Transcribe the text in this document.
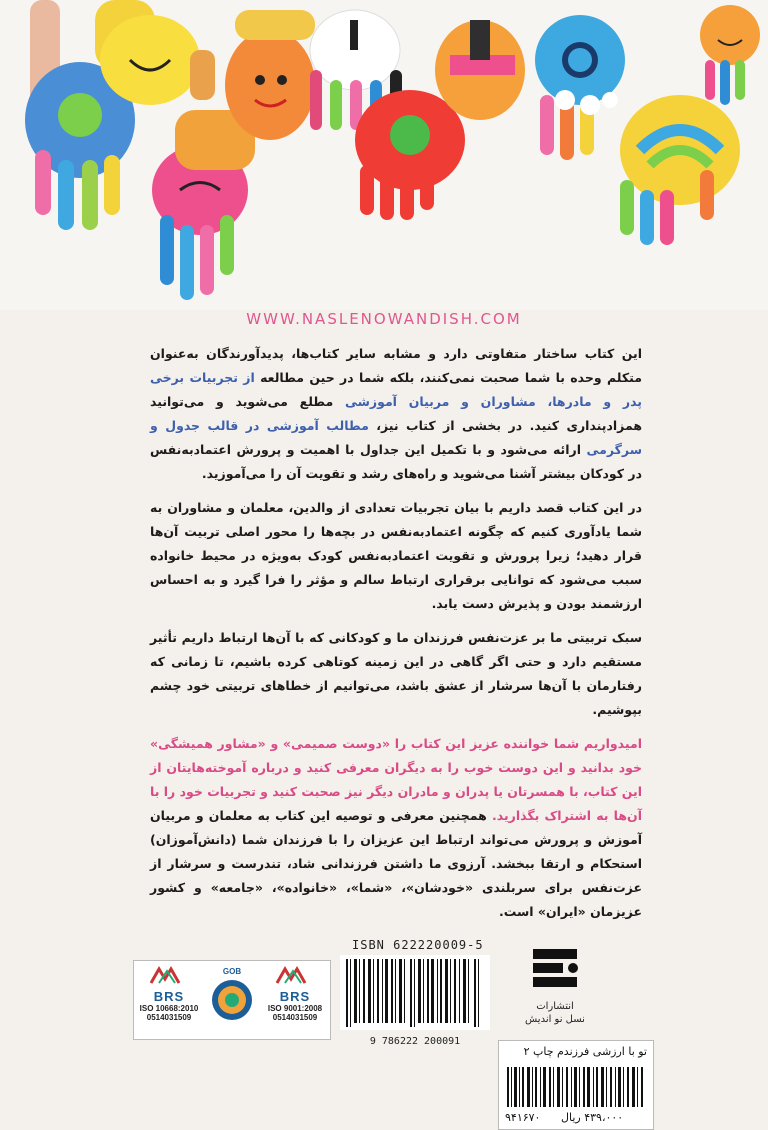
WWW.NASLENOWANDISH.COM

این کتاب ساختار متفاوتی دارد و مشابه سایر کتاب‌ها، پدیدآورندگان به‌عنوان متکلم وحده با شما صحبت نمی‌کنند، بلکه شما در حین مطالعه از تجربیات برخی پدر و مادرها، مشاوران و مربیان آموزشی مطلع می‌شوید و می‌توانید همزادپنداری کنید. در بخشی از کتاب نیز، مطالب آموزشی در قالب جدول و سرگرمی ارائه می‌شود و با تکمیل این جداول با اهمیت و پرورش اعتمادبه‌نفس در کودکان بیشتر آشنا می‌شوید و راه‌های رشد و تقویت آن را می‌آموزید.

در این کتاب قصد داریم با بیان تجربیات تعدادی از والدین، معلمان و مشاوران به شما یادآوری کنیم که چگونه اعتمادبه‌نفس در بچه‌ها را محور اصلی تربیت آن‌ها قرار دهید؛ زیرا پرورش و تقویت اعتمادبه‌نفس کودک به‌ویژه در محیط خانواده سبب می‌شود که توانایی برقراری ارتباط سالم و مؤثر را فرا گیرد و به احساس ارزشمند بودن و پذیرش دست یابد.

سبک تربیتی ما بر عزت‌نفس فرزندان ما و کودکانی که با آن‌ها ارتباط داریم تأثیر مستقیم دارد و حتی اگر گاهی در این زمینه کوتاهی کرده باشیم، تا زمانی که رفتارمان با آن‌ها سرشار از عشق باشد، می‌توانیم از خطاهای تربیتی خود چشم بپوشیم.

امیدواریم شما خواننده عزیز این کتاب را «دوست صمیمی» و «مشاور همیشگی» خود بدانید و این دوست خوب را به دیگران معرفی کنید و درباره آموخته‌هایتان از این کتاب، با همسرتان یا پدران و مادران دیگر نیز صحبت کنید و تجربیات خود را با آن‌ها به اشتراک بگذارید. همچنین معرفی و توصیه این کتاب به معلمان و مربیان آموزش و پرورش می‌تواند ارتباط این عزیزان را با فرزندان شما (دانش‌آموزان) استحکام و ارتقا ببخشد. آرزوی ما داشتن فرزندانی شاد، تندرست و سرشار از عزت‌نفس برای سربلندی «خودشان»، «شما»، «خانواده»، «جامعه» و کشور عزیزمان «ایران» است.

BRS
ISO 10668:2010
0514031509
GOB
BRS
ISO 9001:2008
0514031509
ISBN 622220009-5
9 786222 200091
انتشارات
نسل نو اندیش
تو با ارزشی فرزندم چاپ ۲
۴۳۹،۰۰۰ ریال
۹۴۱۶۷۰
